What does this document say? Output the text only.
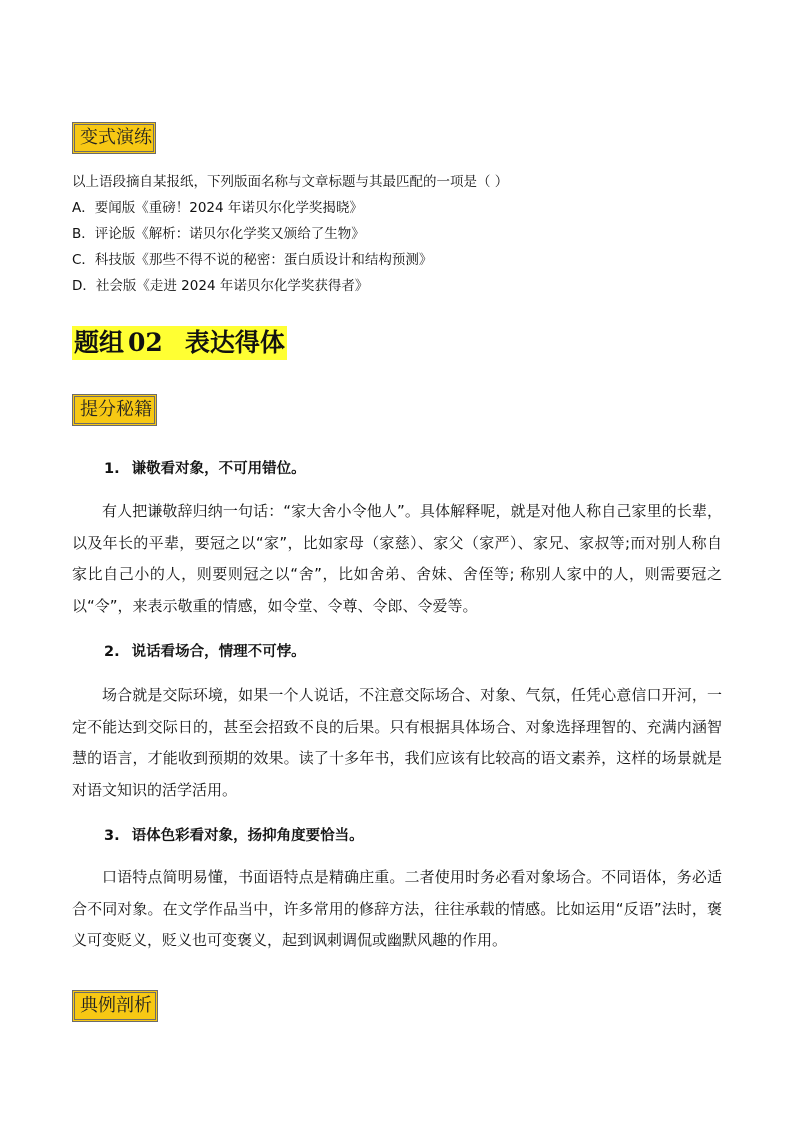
变式演练

以上语段摘自某报纸，下列版面名称与文章标题与其最匹配的一项是（ ）

A．要闻版《重磅！2024 年诺贝尔化学奖揭晓》

B．评论版《解析：诺贝尔化学奖又颁给了生物》

C．科技版《那些不得不说的秘密：蛋白质设计和结构预测》

D．社会版《走进 2024 年诺贝尔化学奖获得者》

题组 02 表达得体
提分秘籍
1. 谦敬看对象，不可用错位。

有人把谦敬辞归纳一句话：“家大舍小令他人”。具体解释呢，就是对他人称自己家里的长辈，以及年长的平辈，要冠之以“家”，比如家母（家慈）、家父（家严）、家兄、家叔等;而对别人称自家比自己小的人，则要则冠之以“舍”，比如舍弟、舍妹、舍侄等; 称别人家中的人，则需要冠之以“令”，来表示敬重的情感，如令堂、令尊、令郎、令爱等。

2. 说话看场合，情理不可悖。

场合就是交际环境，如果一个人说话，不注意交际场合、对象、气氛，任凭心意信口开河，一定不能达到交际日的，甚至会招致不良的后果。只有根据具体场合、对象选择理智的、充满内涵智慧的语言，才能收到预期的效果。读了十多年书，我们应该有比较高的语文素养，这样的场景就是对语文知识的活学活用。

3. 语体色彩看对象，扬抑角度要恰当。

口语特点简明易懂，书面语特点是精确庄重。二者使用时务必看对象场合。不同语体，务必适合不同对象。在文学作品当中，许多常用的修辞方法，往往承载的情感。比如运用“反语”法时，褒义可变贬义，贬义也可变褒义，起到讽刺调侃或幽默风趣的作用。

典例剖析
